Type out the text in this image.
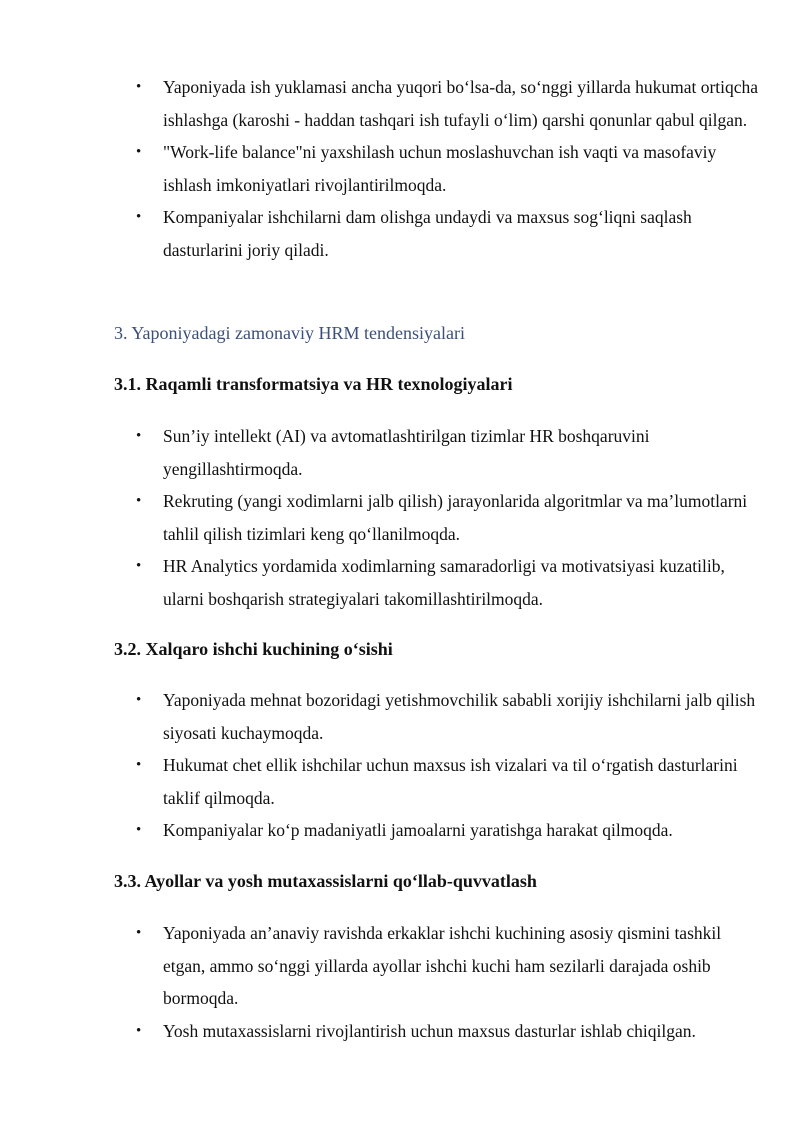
• Yaponiyada ish yuklamasi ancha yuqori bo‘lsa-da, so‘nggi yillarda hukumat ortiqcha ishlashga (karoshi - haddan tashqari ish tufayli o‘lim) qarshi qonunlar qabul qilgan.
• "Work-life balance"ni yaxshilash uchun moslashuvchan ish vaqti va masofaviy ishlash imkoniyatlari rivojlantirilmoqda.
• Kompaniyalar ishchilarni dam olishga undaydi va maxsus sog‘liqni saqlash dasturlarini joriy qiladi.
3. Yaponiyadagi zamonaviy HRM tendensiyalari
3.1. Raqamli transformatsiya va HR texnologiyalari
• Sun’iy intellekt (AI) va avtomatlashtirilgan tizimlar HR boshqaruvini yengillashtirmoqda.
• Rekruting (yangi xodimlarni jalb qilish) jarayonlarida algoritmlar va ma’lumotlarni tahlil qilish tizimlari keng qo‘llanilmoqda.
• HR Analytics yordamida xodimlarning samaradorligi va motivatsiyasi kuzatilib, ularni boshqarish strategiyalari takomillashtirilmoqda.
3.2. Xalqaro ishchi kuchining o‘sishi
• Yaponiyada mehnat bozoridagi yetishmovchilik sababli xorijiy ishchilarni jalb qilish siyosati kuchaymoqda.
• Hukumat chet ellik ishchilar uchun maxsus ish vizalari va til o‘rgatish dasturlarini taklif qilmoqda.
• Kompaniyalar ko‘p madaniyatli jamoalarni yaratishga harakat qilmoqda.
3.3. Ayollar va yosh mutaxassislarni qo‘llab-quvvatlash
• Yaponiyada an’anaviy ravishda erkaklar ishchi kuchining asosiy qismini tashkil etgan, ammo so‘nggi yillarda ayollar ishchi kuchi ham sezilarli darajada oshib bormoqda.
• Yosh mutaxassislarni rivojlantirish uchun maxsus dasturlar ishlab chiqilgan.
